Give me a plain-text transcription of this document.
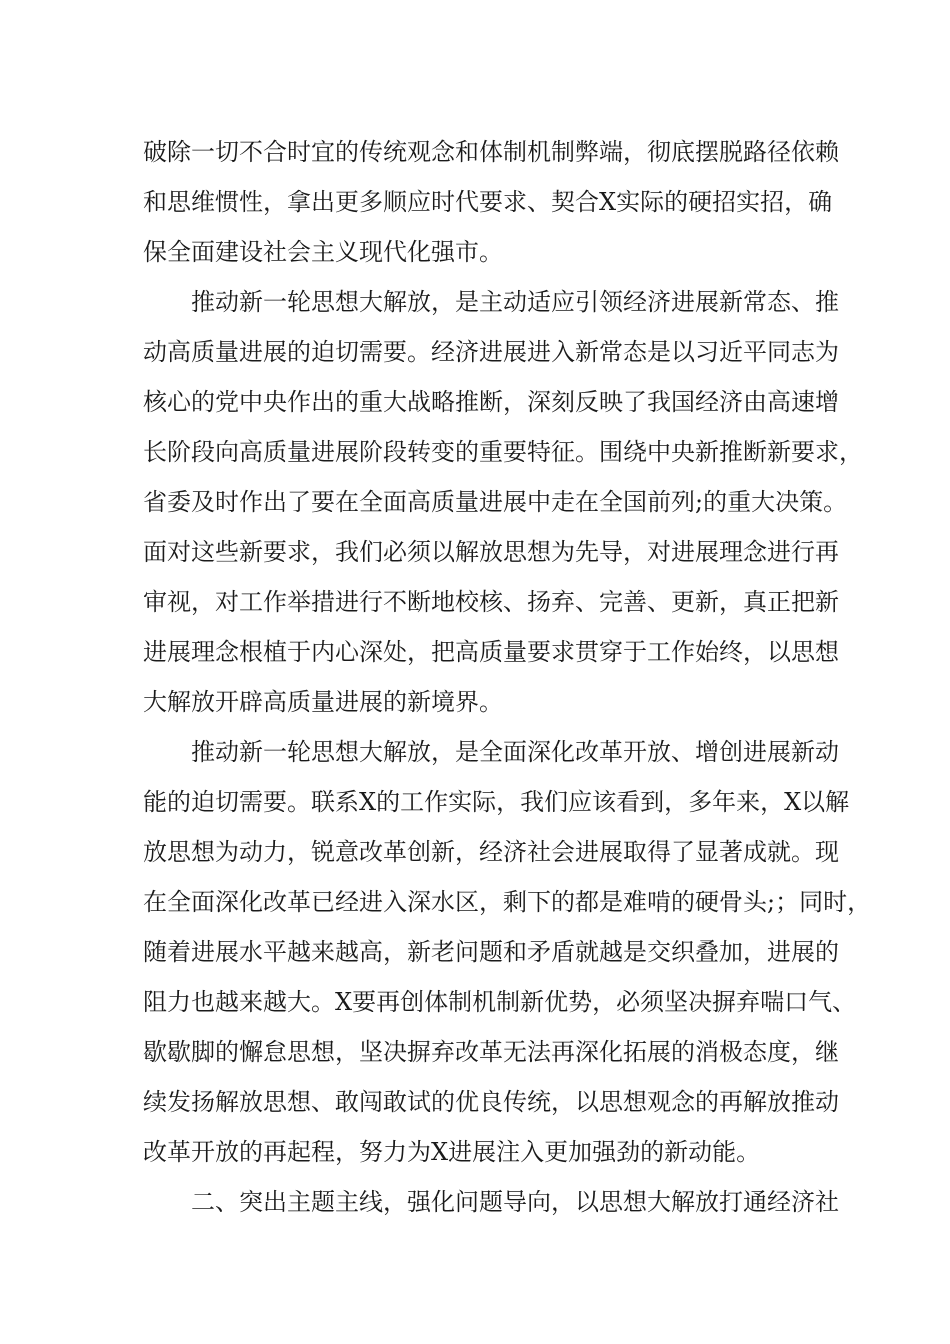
破除一切不合时宜的传统观念和体制机制弊端，彻底摆脱路径依赖
和思维惯性，拿出更多顺应时代要求、契合X实际的硬招实招，确
保全面建设社会主义现代化强市。
　　推动新一轮思想大解放，是主动适应引领经济进展新常态、推
动高质量进展的迫切需要。经济进展进入新常态是以习近平同志为
核心的党中央作出的重大战略推断，深刻反映了我国经济由高速增
长阶段向高质量进展阶段转变的重要特征。围绕中央新推断新要求，
省委及时作出了要在全面高质量进展中走在全国前列;的重大决策。
面对这些新要求，我们必须以解放思想为先导，对进展理念进行再
审视，对工作举措进行不断地校核、扬弃、完善、更新，真正把新
进展理念根植于内心深处，把高质量要求贯穿于工作始终，以思想
大解放开辟高质量进展的新境界。
　　推动新一轮思想大解放，是全面深化改革开放、增创进展新动
能的迫切需要。联系X的工作实际，我们应该看到，多年来，X以解
放思想为动力，锐意改革创新，经济社会进展取得了显著成就。现
在全面深化改革已经进入深水区，剩下的都是难啃的硬骨头;；同时，
随着进展水平越来越高，新老问题和矛盾就越是交织叠加，进展的
阻力也越来越大。X要再创体制机制新优势，必须坚决摒弃喘口气、
歇歇脚的懈怠思想，坚决摒弃改革无法再深化拓展的消极态度，继
续发扬解放思想、敢闯敢试的优良传统，以思想观念的再解放推动
改革开放的再起程，努力为X进展注入更加强劲的新动能。
　　二、突出主题主线，强化问题导向，以思想大解放打通经济社
